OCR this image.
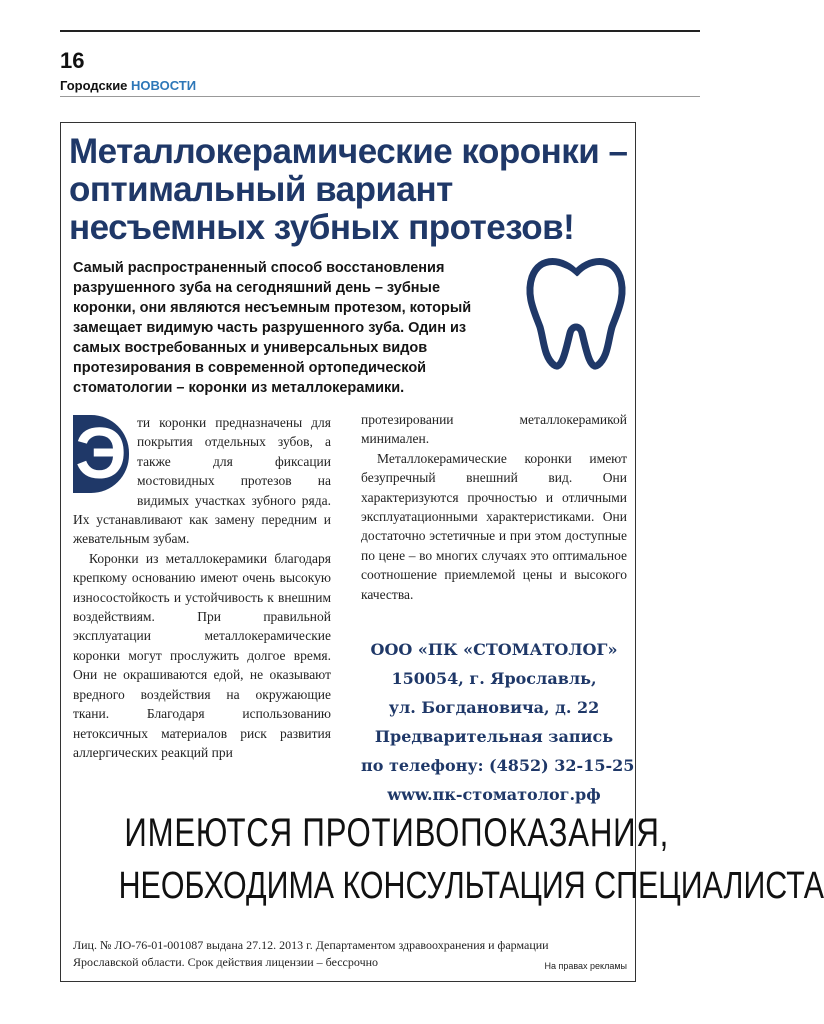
16
Городские НОВОСТИ
Металлокерамические коронки –
оптимальный вариант
несъемных зубных протезов!
Самый распространенный способ восстановления разрушенного зуба на сегодняшний день – зубные коронки, они являются несъемным протезом, который замещает видимую часть разрушенного зуба. Один из самых востребованных и универсальных видов протезирования в современной ортопедической стоматологии – коронки из металлокерамики.

Э ти коронки предназначены для покрытия отдельных зубов, а также для фиксации мостовидных протезов на видимых участках зубного ряда. Их устанавливают как замену передним и жевательным зубам.

Коронки из металлокерамики благодаря крепкому основанию имеют очень высокую износостойкость и устойчивость к внешним воздействиям. При правильной эксплуатации металлокерамические коронки могут прослужить долгое время. Они не окрашиваются едой, не оказывают вредного воздействия на окружающие ткани. Благодаря использованию нетоксичных материалов риск развития аллергических реакций при

протезировании металлокерамикой минимален.

Металлокерамические коронки имеют безупречный внешний вид. Они характеризуются прочностью и отличными эксплуатационными характеристиками. Они достаточно эстетичные и при этом доступные по цене – во многих случаях это оптимальное соотношение приемлемой цены и высокого качества.

ООО «ПК «СТОМАТОЛОГ»
150054, г. Ярославль,
ул. Богдановича, д. 22
Предварительная запись
по телефону: (4852) 32-15-25
www.пк-стоматолог.рф
ИМЕЮТСЯ ПРОТИВОПОКАЗАНИЯ,
НЕОБХОДИМА КОНСУЛЬТАЦИЯ СПЕЦИАЛИСТА
Лиц. № ЛО-76-01-001087 выдана 27.12. 2013 г. Департаментом здравоохранения и фармации Ярославской области. Срок действия лицензии – бессрочно	На правах рекламы
